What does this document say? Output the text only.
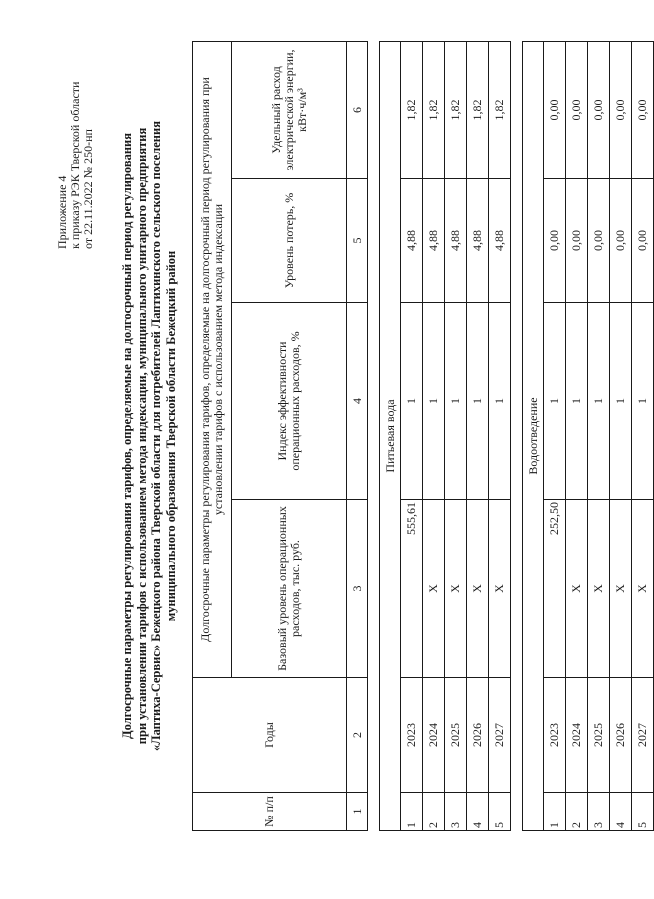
Приложение 4 к приказу РЭК Тверской области от 22.11.2022 № 250-нп Долгосрочные параметры регулирования тарифов, определяемые на долгосрочный период регулирования при установлении тарифов с использованием метода индексации, муниципального унитарного предприятия «Лаптиха-Сервис» Бежецкого района Тверской области для потребителей Лаптихинского сельского поселения муниципального образования Тверской области Бежецкий район
№ п/п	Годы	Долгосрочные параметры регулирования тарифов, определяемые на долгосрочный период регулирования при установлении тарифов с использованием метода индексации			
		Базовый уровень операционных расходов, тыс. руб.	Индекс эффективности операционных расходов, %	Уровень потерь, %	Удельный расход электрической энергии, кВт·ч/м³
1	2	3	4	5	6

Питьевая вода					
1	2023	555,61	1	4,88	1,82
2	2024	Х	1	4,88	1,82
3	2025	Х	1	4,88	1,82
4	2026	Х	1	4,88	1,82
5	2027	Х	1	4,88	1,82

Водоотведение					
1	2023	252,50	1	0,00	0,00
2	2024	Х	1	0,00	0,00
3	2025	Х	1	0,00	0,00
4	2026	Х	1	0,00	0,00
5	2027	Х	1	0,00	0,00
